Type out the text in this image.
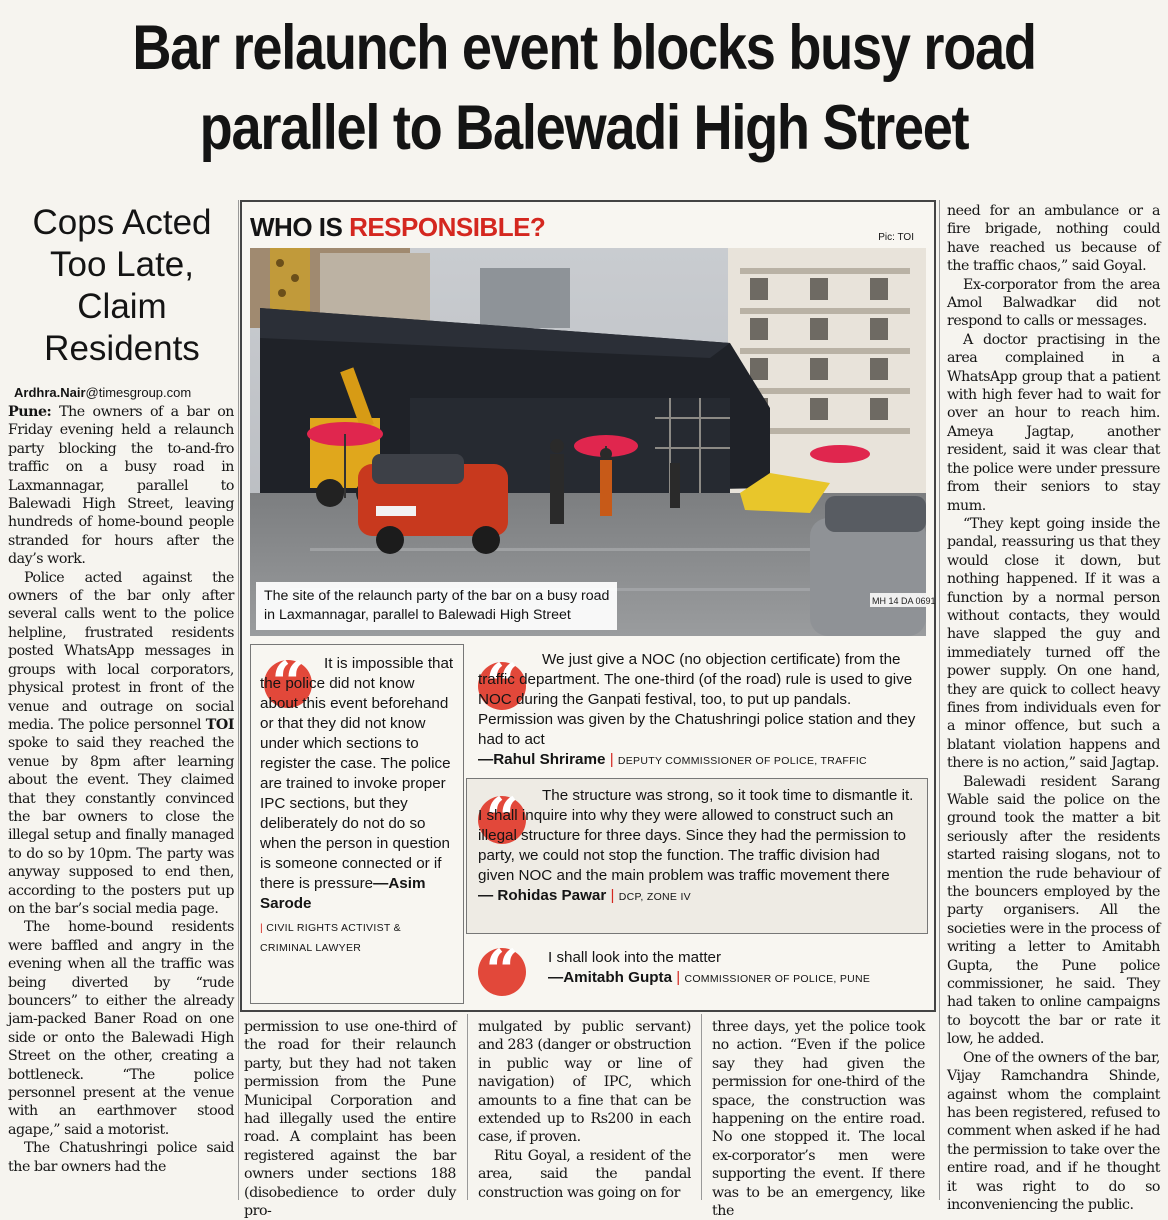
Bar relaunch event blocks busy road
parallel to Balewadi High Street
Cops Acted
Too Late,
Claim
Residents
Ardhra.Nair@timesgroup.com

Pune: The owners of a bar on Friday evening held a relaunch party blocking the to-and-fro traffic on a busy road in Laxmannagar, parallel to Balewadi High Street, leaving hundreds of home-bound people stranded for hours after the day’s work.

Police acted against the owners of the bar only after several calls went to the police helpline, frustrated residents posted WhatsApp messages in groups with local corporators, physical protest in front of the venue and outrage on social media. The police personnel TOI spoke to said they reached the venue by 8pm after learning about the event. They claimed that they constantly convinced the bar owners to close the illegal setup and finally managed to do so by 10pm. The party was anyway supposed to end then, according to the posters put up on the bar’s social media page.

The home-bound residents were baffled and angry in the evening when all the traffic was being diverted by “rude bouncers” to either the already jam-packed Baner Road on one side or onto the Balewadi High Street on the other, creating a bottleneck. “The police personnel present at the venue with an earthmover stood agape,” said a motorist.

The Chatushringi police said the bar owners had the

need for an ambulance or a fire brigade, nothing could have reached us because of the traffic chaos,” said Goyal.

Ex-corporator from the area Amol Balwadkar did not respond to calls or messages.

A doctor practising in the area complained in a WhatsApp group that a patient with high fever had to wait for over an hour to reach him. Ameya Jagtap, another resident, said it was clear that the police were under pressure from their seniors to stay mum.

“They kept going inside the pandal, reassuring us that they would close it down, but nothing happened. If it was a function by a normal person without contacts, they would have slapped the guy and immediately turned off the power supply. On one hand, they are quick to collect heavy fines from individuals even for a minor offence, but such a blatant violation happens and there is no action,” said Jagtap.

Balewadi resident Sarang Wable said the police on the ground took the matter a bit seriously after the residents started raising slogans, not to mention the rude behaviour of the bouncers employed by the party organisers. All the societies were in the process of writing a letter to Amitabh Gupta, the Pune police commissioner, he said. They had taken to online campaigns to boycott the bar or rate it low, he added.

One of the owners of the bar, Vijay Ramchandra Shinde, against whom the complaint has been registered, refused to comment when asked if he had the permission to take over the entire road, and if he thought it was right to do so inconveniencing the public.

permission to use one-third of the road for their relaunch party, but they had not taken permission from the Pune Municipal Corporation and had illegally used the entire road. A complaint has been registered against the bar owners under sections 188 (disobedience to order duly pro-

mulgated by public servant) and 283 (danger or obstruction in public way or line of navigation) of IPC, which amounts to a fine that can be extended up to Rs200 in each case, if proven.

Ritu Goyal, a resident of the area, said the pandal construction was going on for

three days, yet the police took no action. “Even if the police say they had given the permission for one-third of the space, the construction was happening on the entire road. No one stopped it. The local ex-corporator’s men were supporting the event. If there was to be an emergency, like the

WHO IS RESPONSIBLE?	Pic: TOI
MH 14 DA 0691
The site of the relaunch party of the bar on a busy road
in Laxmannagar, parallel to Balewadi High Street
“	It is impossible that the police did not know about this event beforehand or that they did not know under which sections to register the case. The police are trained to invoke proper IPC sections, but they deliberately do not do so when the person in question is someone connected or if there is pressure—Asim Sarode
| CIVIL RIGHTS ACTIVIST & CRIMINAL LAWYER
“	We just give a NOC (no objection certificate) from the traffic department. The one-third (of the road) rule is used to give NOC during the Ganpati festival, too, to put up pandals. Permission was given by the Chatushringi police station and they had to act
—Rahul Shrirame | DEPUTY COMMISSIONER OF POLICE, TRAFFIC
“	The structure was strong, so it took time to dismantle it. I shall inquire into why they were allowed to construct such an illegal structure for three days. Since they had the permission to party, we could not stop the function. The traffic division had given NOC and the main problem was traffic movement there
— Rohidas Pawar | DCP, ZONE IV
“	I shall look into the matter
—Amitabh Gupta | COMMISSIONER OF POLICE, PUNE
